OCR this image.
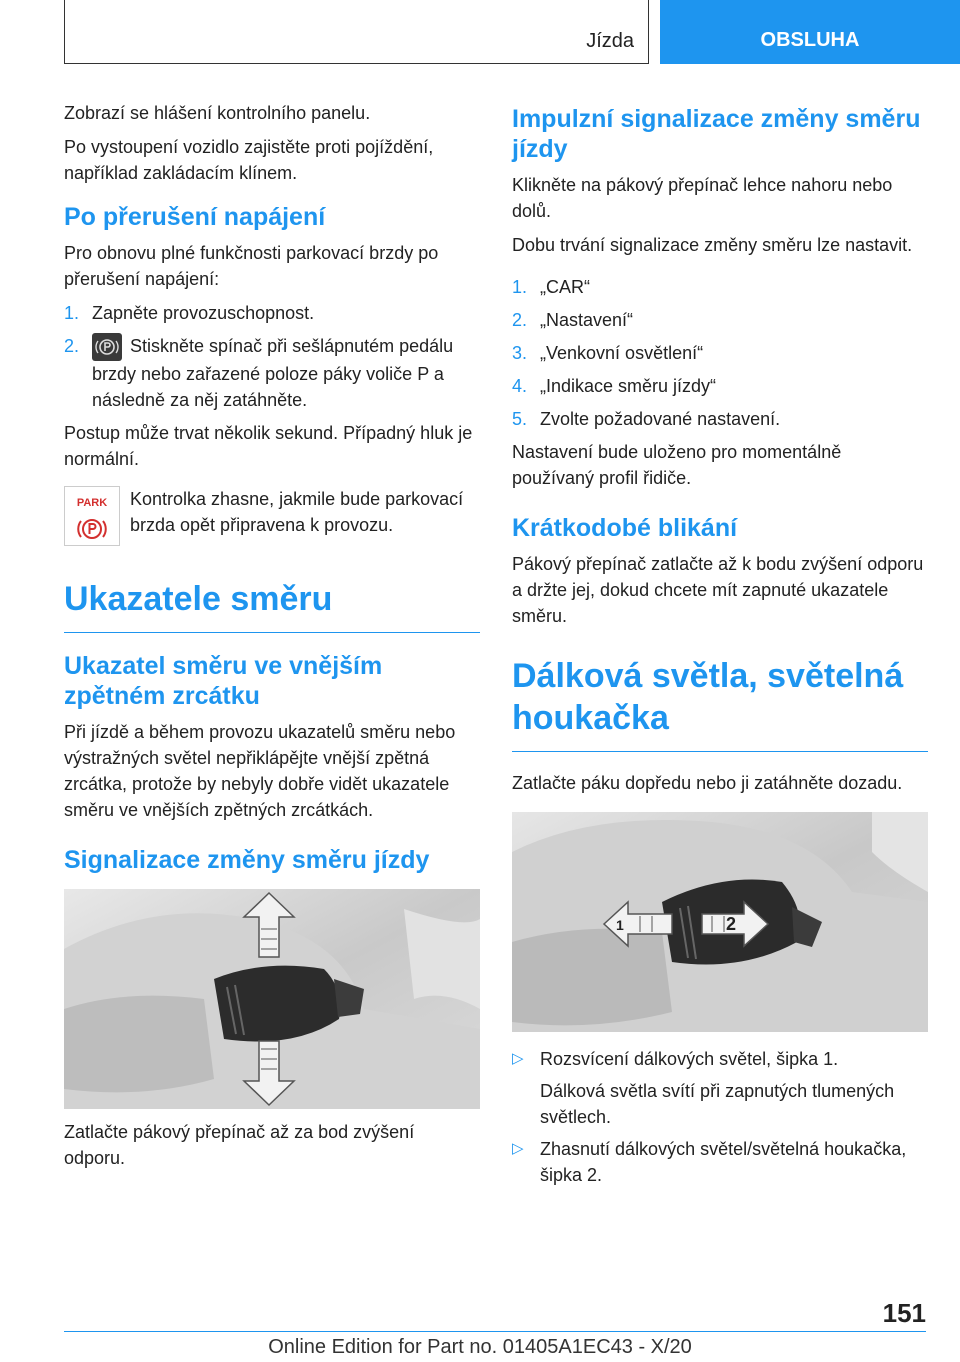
Jízda	OBSLUHA

Zobrazí se hlášení kontrolního panelu.

Po vystoupení vozidlo zajistěte proti pojíždění, například zakládacím klínem.

Po přerušení napájení

Pro obnovu plné funkčnosti parkovací brzdy po přerušení napájení:

1. Zapněte provozuschopnost.
2.	Stiskněte spínač při sešlápnutém pedálu brzdy nebo zařazené poloze páky voliče P a následně za něj zatáhněte.

Postup může trvat několik sekund. Případný hluk je normální.

PARK Kontrolka zhasne, jakmile bude parkovací brzda opět připravena k provozu.
Ukazatele směru
Ukazatel směru ve vnějším zpětném zrcátku

Při jízdě a během provozu ukazatelů směru nebo výstražných světel nepřiklápějte vnější zpětná zrcátka, protože by nebyly dobře vidět ukazatele směru ve vnějších zpětných zrcátkách.

Signalizace změny směru jízdy

Zatlačte pákový přepínač až za bod zvýšení odporu.

Impulzní signalizace změny směru jízdy

Klikněte na pákový přepínač lehce nahoru nebo dolů.

Dobu trvání signalizace změny směru lze nastavit.

1. „CAR“
2. „Nastavení“
3. „Venkovní osvětlení“
4. „Indikace směru jízdy“
5. Zvolte požadované nastavení.

Nastavení bude uloženo pro momentálně používaný profil řidiče.

Krátkodobé blikání

Pákový přepínač zatlačte až k bodu zvýšení odporu a držte jej, dokud chcete mít zapnuté ukazatele směru.

Dálková světla, světelná houkačka

Zatlačte páku dopředu nebo ji zatáhněte dozadu.

1	2
▷ Rozsvícení dálkových světel, šipka 1.
Dálková světla svítí při zapnutých tlumených světlech.
▷ Zhasnutí dálkových světel/světelná houkačka, šipka 2.
151
Online Edition for Part no. 01405A1EC43 - X/20
